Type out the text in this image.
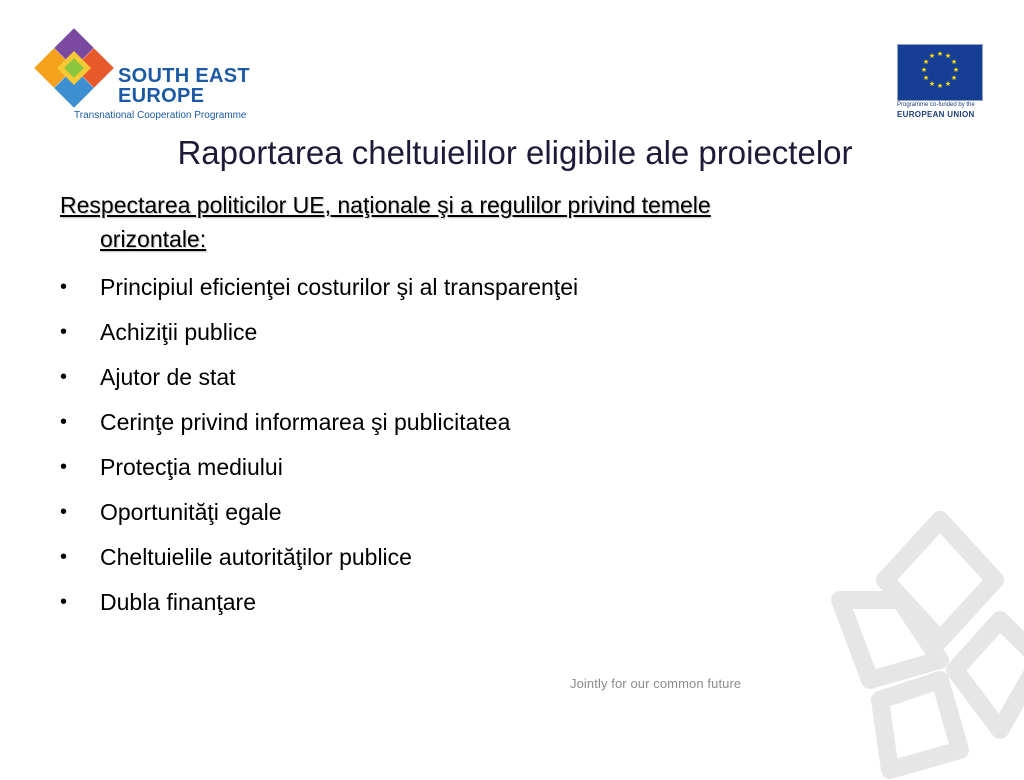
SOUTH EAST
EUROPE
Transnational Cooperation Programme
★ ★
★
★
★
★
★
★
★
★
★
★
Programme co-funded by the
EUROPEAN UNION
Raportarea cheltuielilor eligibile ale proiectelor
Respectarea politicilor UE, naţionale şi a regulilor privind temele
orizontale:
• Principiul eficienţei costurilor şi al transparenţei
• Achiziţii publice
• Ajutor de stat
• Cerinţe privind informarea şi publicitatea
• Protecţia mediului
• Oportunităţi egale
• Cheltuielile autorităţilor publice
• Dubla finanţare
Jointly for our common future
